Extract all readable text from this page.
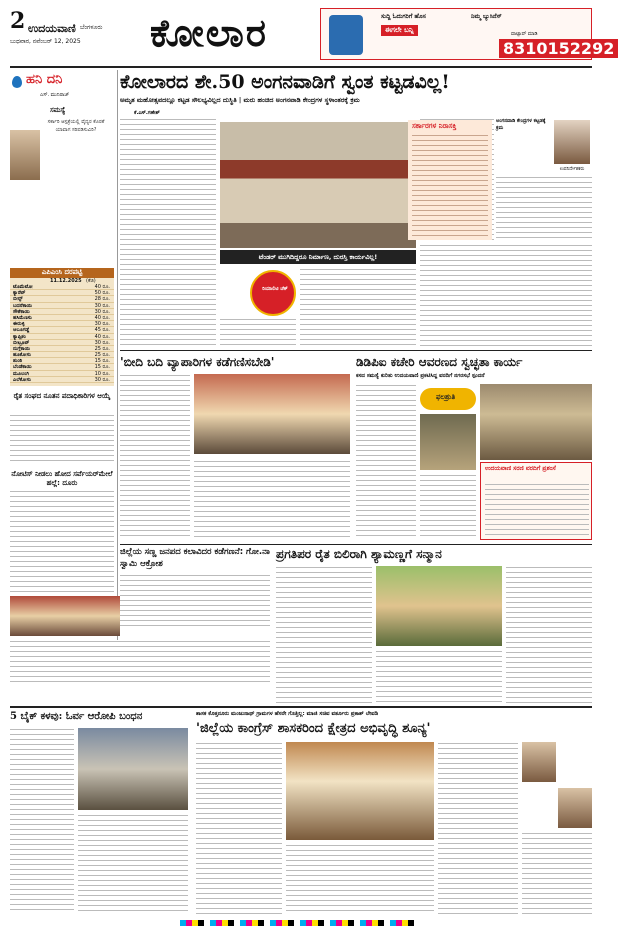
2 ಉದಯವಾಣಿ ಬೆಂಗಳೂರು
ಬುಧವಾರ, ನವೆಂಬರ್ 12, 2025 ಕೋಲಾರ	ಸುದ್ದಿ ಓದುಗರಿಗೆ ಹೊಸ
ಈಗಲೇ ಬನ್ನಿ
ನಿಮ್ಮ ಬ್ಯುಸಿನೆಸ್
ವಾಟ್ಸಾಪ್ ಮಾಡಿ
8310152292
ಹನಿ ದನಿ
ಎಸ್. ಮುನಿರಾಜ್
ಸಮಸ್ಯೆ
ಸರ್ಕಾರಿ ಆಸ್ಪತ್ರೆಯಲ್ಲಿ ವೈದ್ಯರ ಕೊರತೆ ಯಾವಾಗ ಸರಿಪಡಿಸುವಿರಿ?
ಎಪಿಎಂಸಿ ದರಪಟ್ಟಿ
11.12.2025 (ಕೆಜಿ)
ಟೊಮೆಟೋ	40 ರೂ.
ಕ್ಯಾರೆಟ್	50 ರೂ.
ಬೀನ್ಸ್	28 ರೂ.
ಬದನೆಕಾಯಿ	30 ರೂ.
ಸೌತೆಕಾಯಿ	30 ರೂ.
ಹಸಿಮೆಣಸು	40 ರೂ.
ಈರುಳ್ಳಿ	30 ರೂ.
ಆಲೂಗಡ್ಡೆ	45 ರೂ.
ಕ್ಯಾಪ್ಸಿಕಂ	40 ರೂ.
ಬೀಟ್ರೂಟ್	30 ರೂ.
ನುಗ್ಗೆಕಾಯಿ	25 ರೂ.
ಹೂಕೋಸು	25 ರೂ.
ಶುಂಠಿ	15 ರೂ.
ಬೆಂಡೆಕಾಯಿ	15 ರೂ.
ಮೂಲಂಗಿ	10 ರೂ.
ಎಲೆಕೋಸು	30 ರೂ.
ರೈತ ಸಂಘದ ನೂತನ ಪದಾಧಿಕಾರಿಗಳ ಆಯ್ಕೆ
ನೋಟಿಸ್ ನೀಡಲು ಹೋದ ಸರ್ವೆಯರ್‌ಮೇಲೆ ಹಲ್ಲೆ: ದೂರು
ಕೋಲಾರದ ಶೇ.50 ಅಂಗನವಾಡಿಗೆ ಸ್ವಂತ ಕಟ್ಟಡವಿಲ್ಲ!
ಅಮೃತ ಮಹೋತ್ಸವದಲ್ಲೂ ಕಟ್ಟಡ ಸೌಲಭ್ಯವಿಲ್ಲದ ದುಸ್ಥಿತಿ | ಮರು ಹಂಚಿದ ಅಂಗನವಾಡಿ ಕೇಂದ್ರಗಳ ಸ್ಥಳಾಂತರಕ್ಕೆ ಕ್ರಮ
ಕೆ.ಎಸ್.ಗಣೇಶ್
ಟೆಂಡರ್ ಮುಗಿದಿದ್ದರೂ ನಿರ್ಮಾಣ, ದುರಸ್ತಿ ಕಾರ್ಯವಿಲ್ಲ!
ರಿಯಾಲಿಟಿ ಚೆಕ್
ಸರ್ಕಾರಗಳ ನಿರಾಸಕ್ತಿ
ಅಂಗನವಾಡಿ ಕೇಂದ್ರಗಳ ಕಟ್ಟಡಕ್ಕೆ ಕ್ರಮ
ಉಪನಿರ್ದೇಶಕರು
'ಬೀದಿ ಬದಿ ವ್ಯಾಪಾರಿಗಳ ಕಡೆಗಣಿಸಬೇಡಿ'	ಡಿಡಿಪಿಐ ಕಚೇರಿ ಆವರಣದ ಸ್ವಚ್ಛತಾ ಕಾರ್ಯ
ಕಸದ ಸಮಸ್ಯೆ ಕುರಿತು ಉದಯವಾಣಿ ಪ್ರಕಟಿಸಿದ್ದ ವರದಿಗೆ ನಗರಸಭೆ ಸ್ಪಂದನೆ
ಫಲಶ್ರುತಿ
ಉದಯವಾಣಿ ಸರಣಿ ವರದಿಗೆ ಪ್ರಶಂಸೆ
ಜಿಲ್ಲೆಯ ಸಣ್ಣ ಜನಪದ ಕಲಾವಿದರ ಕಡೆಗಣನೆ: ಗೋ.ನಾ ಸ್ವಾಮಿ ಆಕ್ರೋಶ
ಪ್ರಗತಿಪರ ರೈತ ಬಿಲಿರಾಗಿ ಶ್ಯಾಮಣ್ಣಗೆ ಸನ್ಮಾನ
5 ಬೈಕ್ ಕಳವು: ಓರ್ವ ಆರೋಪಿ ಬಂಧನ	ಶಾಸಕ ಕೊತ್ತನೂರು ಮಂಜುನಾಥ್ ಗ್ರಾಮಗಳ ಹೆಸರೇ ಗೊತ್ತಿಲ್ಲ: ಮಾಜಿ ಸಚಿವ ವರ್ತೂರು ಪ್ರಕಾಶ್ ಲೇವಡಿ
'ಜಿಲ್ಲೆಯ ಕಾಂಗ್ರೆಸ್ ಶಾಸಕರಿಂದ ಕ್ಷೇತ್ರದ ಅಭಿವೃದ್ಧಿ ಶೂನ್ಯ'
